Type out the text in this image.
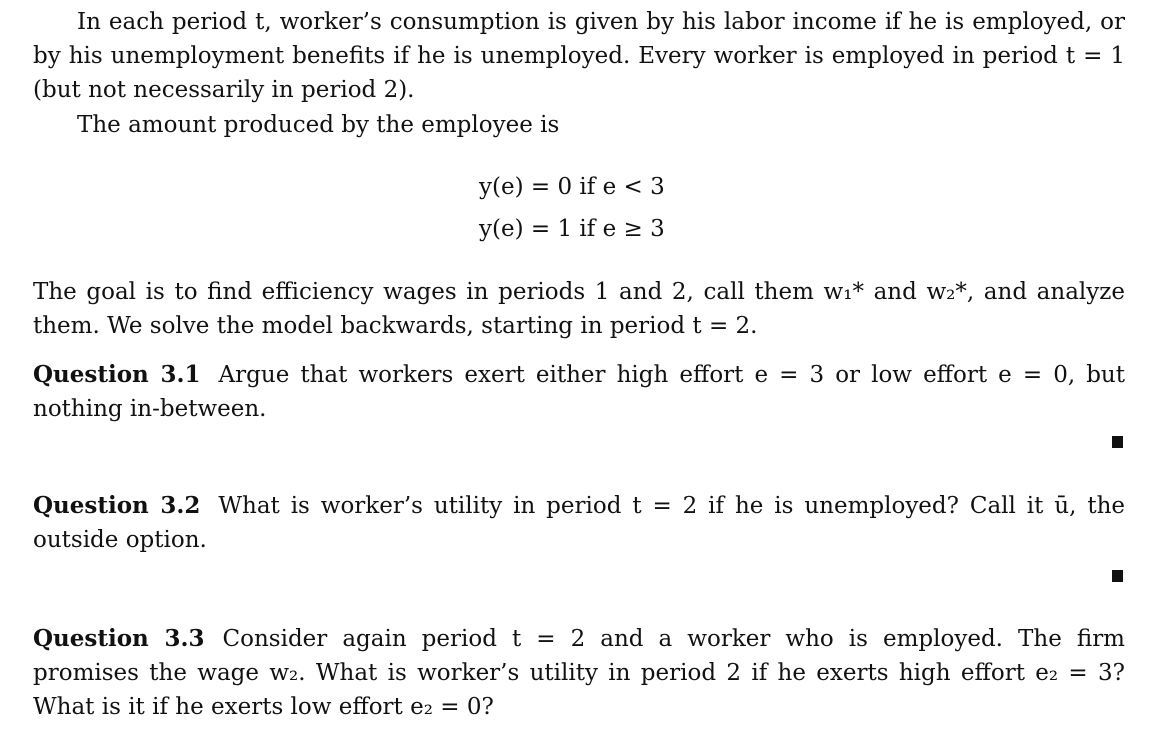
In each period t, worker’s consumption is given by his labor income if he is employed, or by his unemployment benefits if he is unemployed. Every worker is employed in period t = 1 (but not necessarily in period 2).

The amount produced by the employee is

y(e) = 0 if e < 3
y(e) = 1 if e ≥ 3

The goal is to find efficiency wages in periods 1 and 2, call them w₁* and w₂*, and analyze them. We solve the model backwards, starting in period t = 2.

Question 3.1 Argue that workers exert either high effort e = 3 or low effort e = 0, but nothing in-between.

Question 3.2 What is worker’s utility in period t = 2 if he is unemployed? Call it ū, the outside option.

Question 3.3 Consider again period t = 2 and a worker who is employed. The firm promises the wage w₂. What is worker’s utility in period 2 if he exerts high effort e₂ = 3? What is it if he exerts low effort e₂ = 0?
